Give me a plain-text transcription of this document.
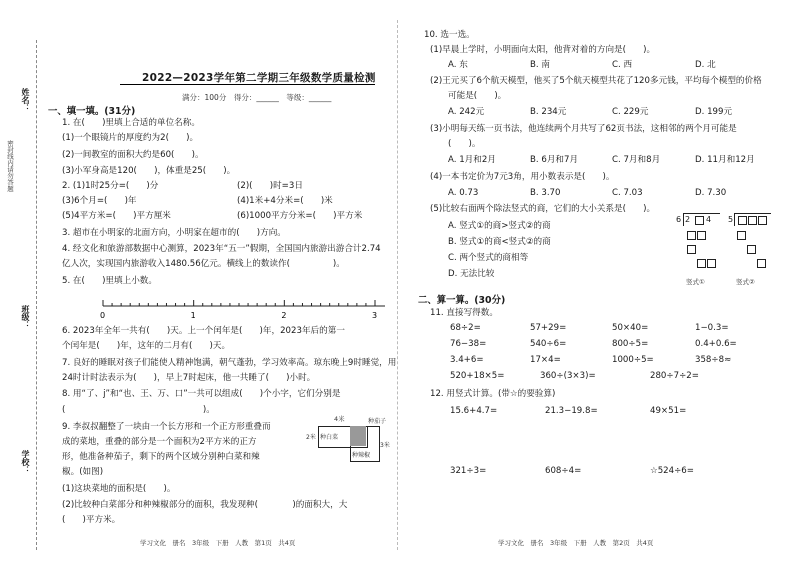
密封线内请勿答题
姓名：
班级：
学校：
2022—2023学年第二学期三年级数学质量检测
满分：100分　得分：______　等级：______
一、填一填。(31分)
1. 在(　　)里填上合适的单位名称。
(1)一个眼镜片的厚度约为2(　　)。
(2)一间教室的面积大约是60(　　)。
(3)小军身高是120(　　)，体重是25(　　)。
2. (1)1时25分=(　　)分	(2)(　　)时=3日
(3)6个月=(　　)年	(4)1米+4分米=(　　)米
(5)4平方米=(　　)平方厘米	(6)1000平方分米=(　　)平方米
3. 超市在小明家的北面方向，小明家在超市的(　　)方向。
4. 经文化和旅游部数据中心测算，2023年“五一”假期，全国国内旅游出游合计2.74
亿人次，实现国内旅游收入1480.56亿元。横线上的数读作(　　　　　)。
5. 在(　　)里填上小数。
0	1	2	3
6. 2023年全年一共有(　　)天。上一个闰年是(　　)年，2023年后的第一
个闰年是(　　)年，这年的二月有(　　)天。
7. 良好的睡眠对孩子们能使人精神饱满，朝气蓬勃，学习效率高。琼东晚上9时睡觉，用
24时计时法表示为(　　)，早上7时起床，他一共睡了(　　)小时。
8. 用“了、j”和“也、王、万、口”一共可以组成(　　)个小字，它们分别是
(　　　　　　　　　　　　　　　　)。
9. 李叔叔翻整了一块由一个长方形和一个正方形重叠而
成的菜地，重叠的部分是一个面积为2平方米的正方
形，他准备种茄子，剩下的两个区域分别种白菜和辣
椒。(如图)
(1)这块菜地的面积是(　　)。
(2)比较种白菜部分和种辣椒部分的面积，我发现种(　　　　)的面积大，大
(　　)平方米。
4米
种白菜
种辣椒
种茄子
2米
3米
学习文化　册名　3年级　下册　人教　第1页　共4页
10. 选一选。
(1)早晨上学时，小明面向太阳，他背对着的方向是(　　)。
A. 东	B. 南	C. 西	D. 北
(2)王元买了6个航天模型，他买了5个航天模型共花了120多元钱，平均每个模型的价格
可能是(　　)。
A. 242元	B. 234元	C. 229元	D. 199元
(3)小明每天练一页书法，他连续两个月共写了62页书法，这相邻的两个月可能是
(　　)。
A. 1月和2月	B. 6月和7月	C. 7月和8月	D. 11月和12月
(4)一本书定价为7元3角，用小数表示是(　　)。
A. 0.73	B. 3.70	C. 7.03	D. 7.30
(5)比较右面两个除法竖式的商，它们的大小关系是(　　)。
A. 竖式①的商>竖式②的商
B. 竖式①的商<竖式②的商
C. 两个竖式的商相等
D. 无法比较
6 2 4 5
竖式①	竖式②
二、算一算。(30分)
11. 直接写得数。
68÷2=	57+29=	50×40=	1−0.3=
76−38=	540÷6=	800÷5=	0.4+0.6=
3.4+6=	17×4=	1000÷5=	358÷8≈
520+18×5=	360÷(3×3)=	280÷7÷2=
12. 用竖式计算。(带☆的要验算)
15.6+4.7=	21.3−19.8=	49×51=
321÷3=	608÷4=	☆524÷6=
学习文化　册名　3年级　下册　人教　第2页　共4页
